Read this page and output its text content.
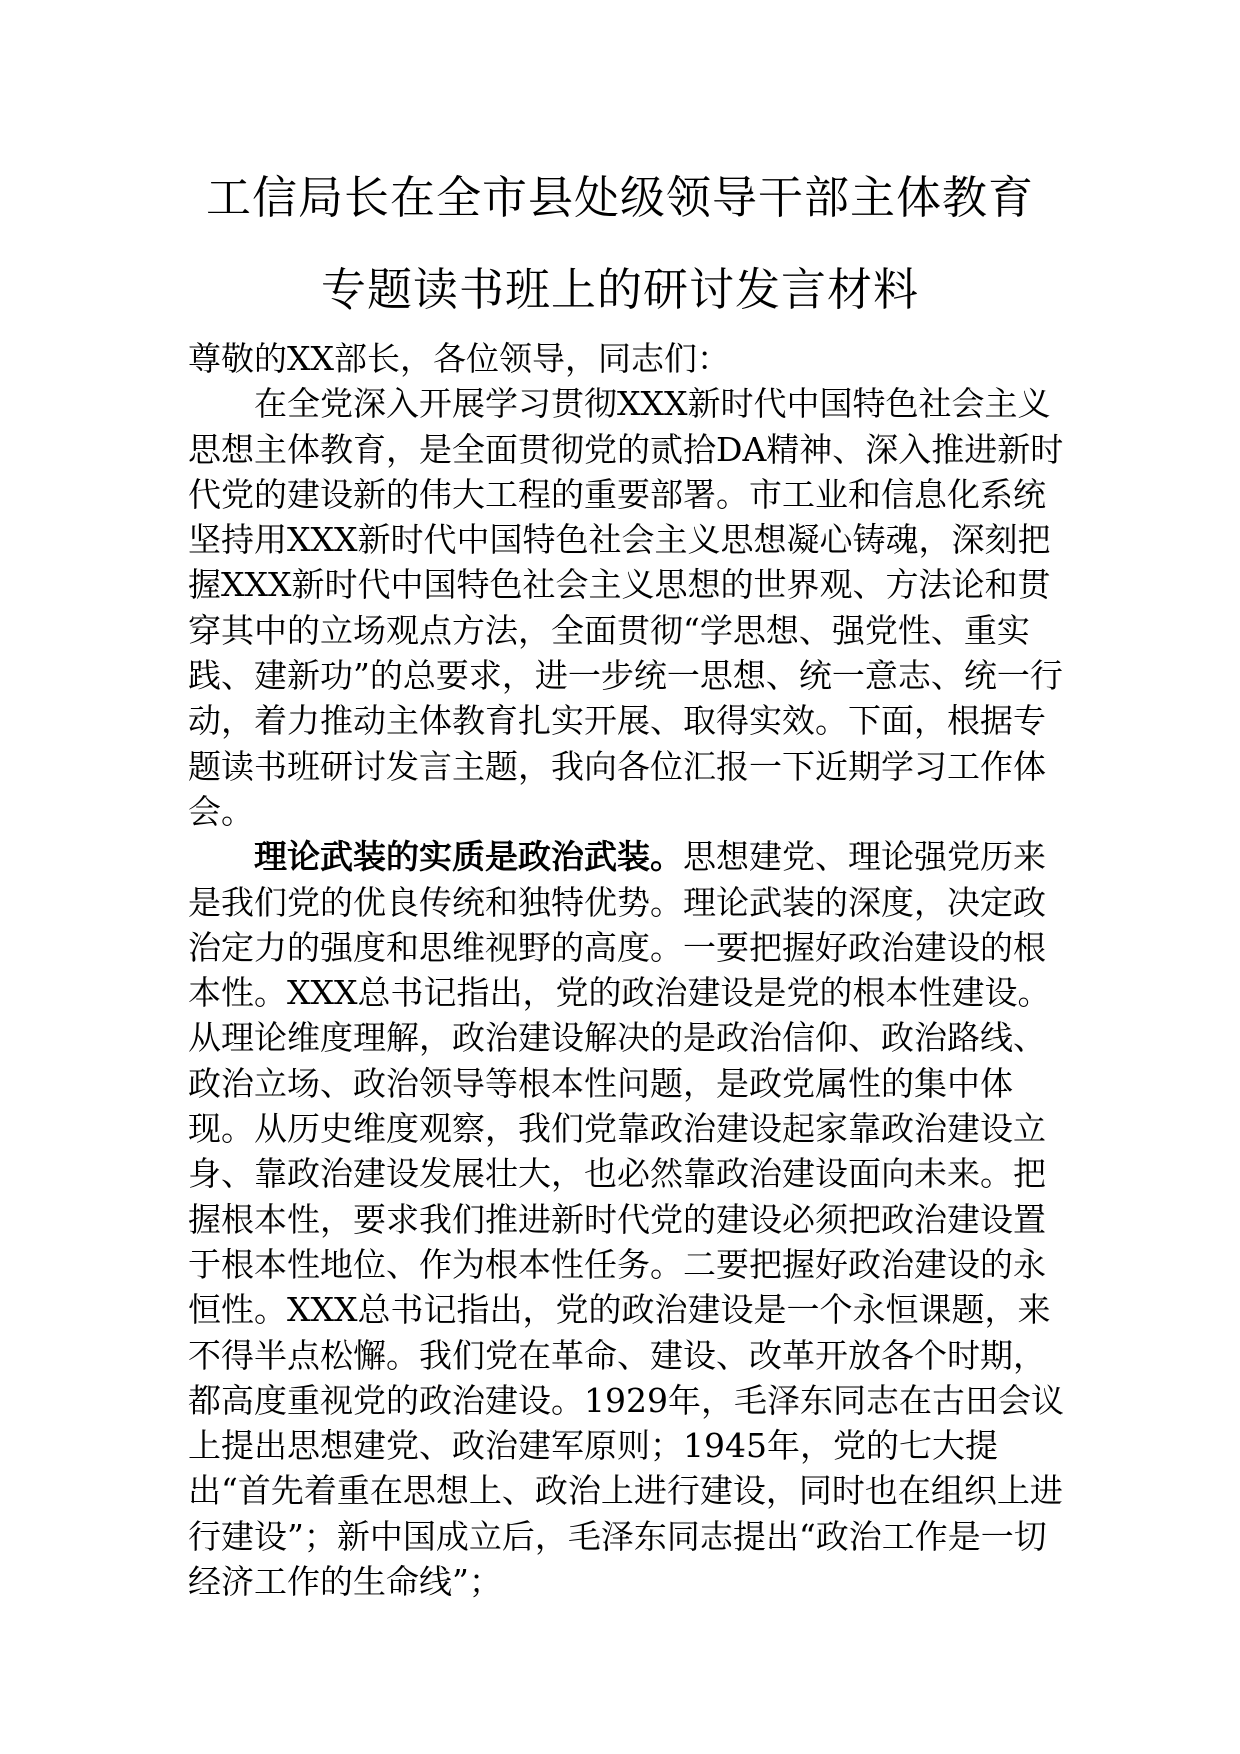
工信局长在全市县处级领导干部主体教育
专题读书班上的研讨发言材料

尊敬的XX部长，各位领导，同志们：

在全党深入开展学习贯彻XXX新时代中国特色社会主义思想主体教育，是全面贯彻党的贰拾DA精神、深入推进新时代党的建设新的伟大工程的重要部署。市工业和信息化系统坚持用XXX新时代中国特色社会主义思想凝心铸魂，深刻把握XXX新时代中国特色社会主义思想的世界观、方法论和贯穿其中的立场观点方法，全面贯彻“学思想、强党性、重实践、建新功”的总要求，进一步统一思想、统一意志、统一行动，着力推动主体教育扎实开展、取得实效。下面，根据专题读书班研讨发言主题，我向各位汇报一下近期学习工作体会。

理论武装的实质是政治武装。思想建党、理论强党历来是我们党的优良传统和独特优势。理论武装的深度，决定政治定力的强度和思维视野的高度。一要把握好政治建设的根本性。XXX总书记指出，党的政治建设是党的根本性建设。从理论维度理解，政治建设解决的是政治信仰、政治路线、政治立场、政治领导等根本性问题，是政党属性的集中体现。从历史维度观察，我们党靠政治建设起家靠政治建设立身、靠政治建设发展壮大，也必然靠政治建设面向未来。把握根本性，要求我们推进新时代党的建设必须把政治建设置于根本性地位、作为根本性任务。二要把握好政治建设的永恒性。XXX总书记指出，党的政治建设是一个永恒课题，来不得半点松懈。我们党在革命、建设、改革开放各个时期，都高度重视党的政治建设。1929年，毛泽东同志在古田会议上提出思想建党、政治建军原则；1945年，党的七大提出“首先着重在思想上、政治上进行建设，同时也在组织上进行建设”；新中国成立后，毛泽东同志提出“政治工作是一切经济工作的生命线”；
